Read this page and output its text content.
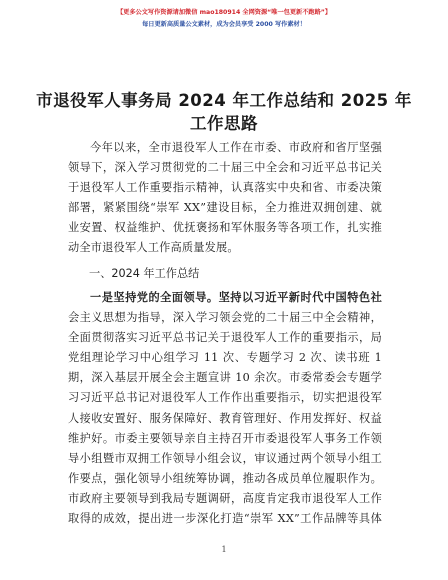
【更多公文写作资源请加微信 mao180914 全网资源“唯一包更新不跑路”】
每日更新高质量公文素材，成为会员享受 2000 写作素材！
市退役军人事务局 2024 年工作总结和 2025 年
工作思路
今年以来，全市退役军人工作在市委、市政府和省厅坚强
领导下，深入学习贯彻党的二十届三中全会和习近平总书记关
于退役军人工作重要指示精神，认真落实中央和省、市委决策
部署，紧紧围绕“崇军 XX”建设目标，全力推进双拥创建、就
业安置、权益维护、优抚褒扬和军休服务等各项工作，扎实推
动全市退役军人工作高质量发展。
一、2024 年工作总结
一是坚持党的全面领导。坚持以习近平新时代中国特色社
会主义思想为指导，深入学习领会党的二十届三中全会精神，
全面贯彻落实习近平总书记关于退役军人工作的重要指示，局
党组理论学习中心组学习 11 次、专题学习 2 次、读书班 1
期，深入基层开展全会主题宣讲 10 余次。市委常委会专题学
习习近平总书记对退役军人工作作出重要指示，切实把退役军
人接收安置好、服务保障好、教育管理好、作用发挥好、权益
维护好。市委主要领导亲自主持召开市委退役军人事务工作领
导小组暨市双拥工作领导小组会议，审议通过两个领导小组工
作要点，强化领导小组统筹协调，推动各成员单位履职作为。
市政府主要领导到我局专题调研，高度肯定我市退役军人工作
取得的成效，提出进一步深化打造“崇军 XX”工作品牌等具体
1
